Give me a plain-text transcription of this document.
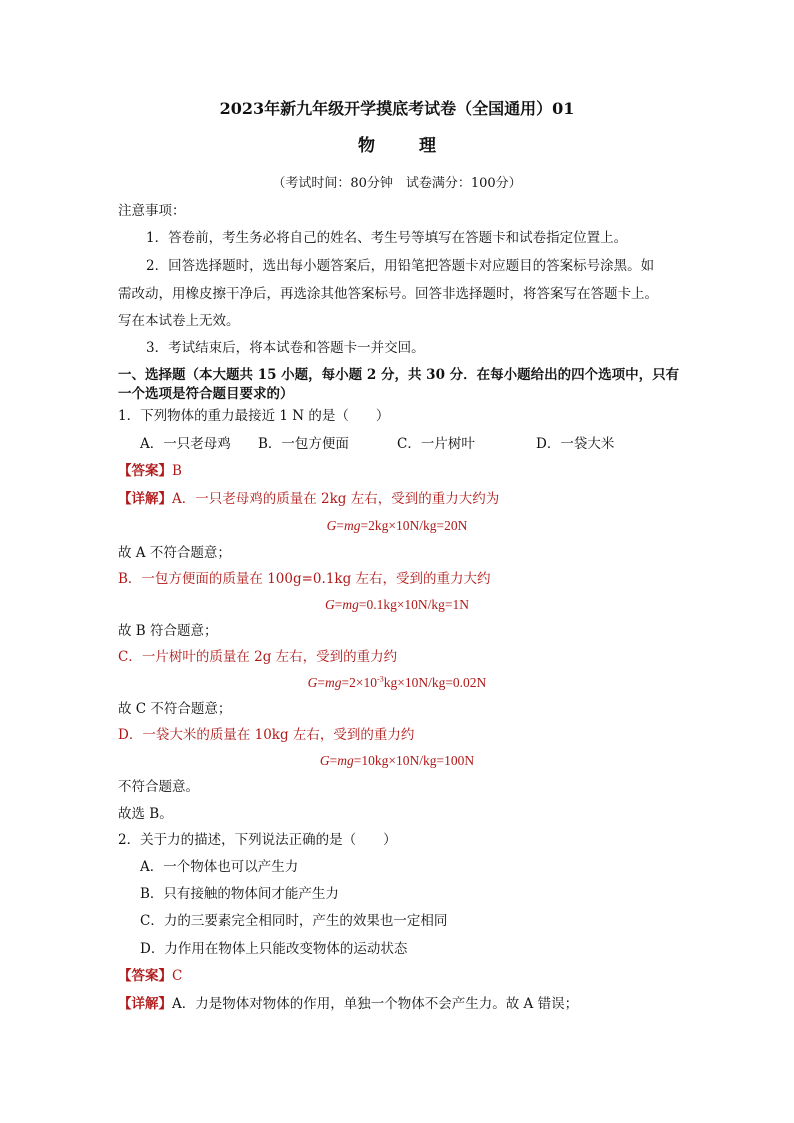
2023年新九年级开学摸底考试卷（全国通用）01
物	理
（考试时间：80分钟　试卷满分：100分）
注意事项：
1．答卷前，考生务必将自己的姓名、考生号等填写在答题卡和试卷指定位置上。
2．回答选择题时，选出每小题答案后，用铅笔把答题卡对应题目的答案标号涂黑。如
需改动，用橡皮擦干净后，再选涂其他答案标号。回答非选择题时，将答案写在答题卡上。
写在本试卷上无效。
3．考试结束后，将本试卷和答题卡一并交回。
一、选择题（本大题共 15 小题，每小题 2 分，共 30 分．在每小题给出的四个选项中，只有
一个选项是符合题目要求的）
1．下列物体的重力最接近 1 N 的是（　　）
A．一只老母鸡 B．一包方便面	C．一片树叶	D．一袋大米
【答案】B
【详解】A．一只老母鸡的质量在 2kg 左右，受到的重力大约为
G=mg=2kg×10N/kg=20N
故 A 不符合题意；
B．一包方便面的质量在 100g=0.1kg 左右，受到的重力大约
G=mg=0.1kg×10N/kg=1N
故 B 符合题意；
C．一片树叶的质量在 2g 左右，受到的重力约
$G=mg=2\times 10^{-3}kg\times 10N/kg=0.02N$
故 C 不符合题意；
D．一袋大米的质量在 10kg 左右，受到的重力约
G=mg=10kg×10N/kg=100N
不符合题意。
故选 B。
2．关于力的描述，下列说法正确的是（　　）
A．一个物体也可以产生力
B．只有接触的物体间才能产生力
C．力的三要素完全相同时，产生的效果也一定相同
D．力作用在物体上只能改变物体的运动状态
【答案】C
【详解】A．力是物体对物体的作用，单独一个物体不会产生力。故 A 错误；
